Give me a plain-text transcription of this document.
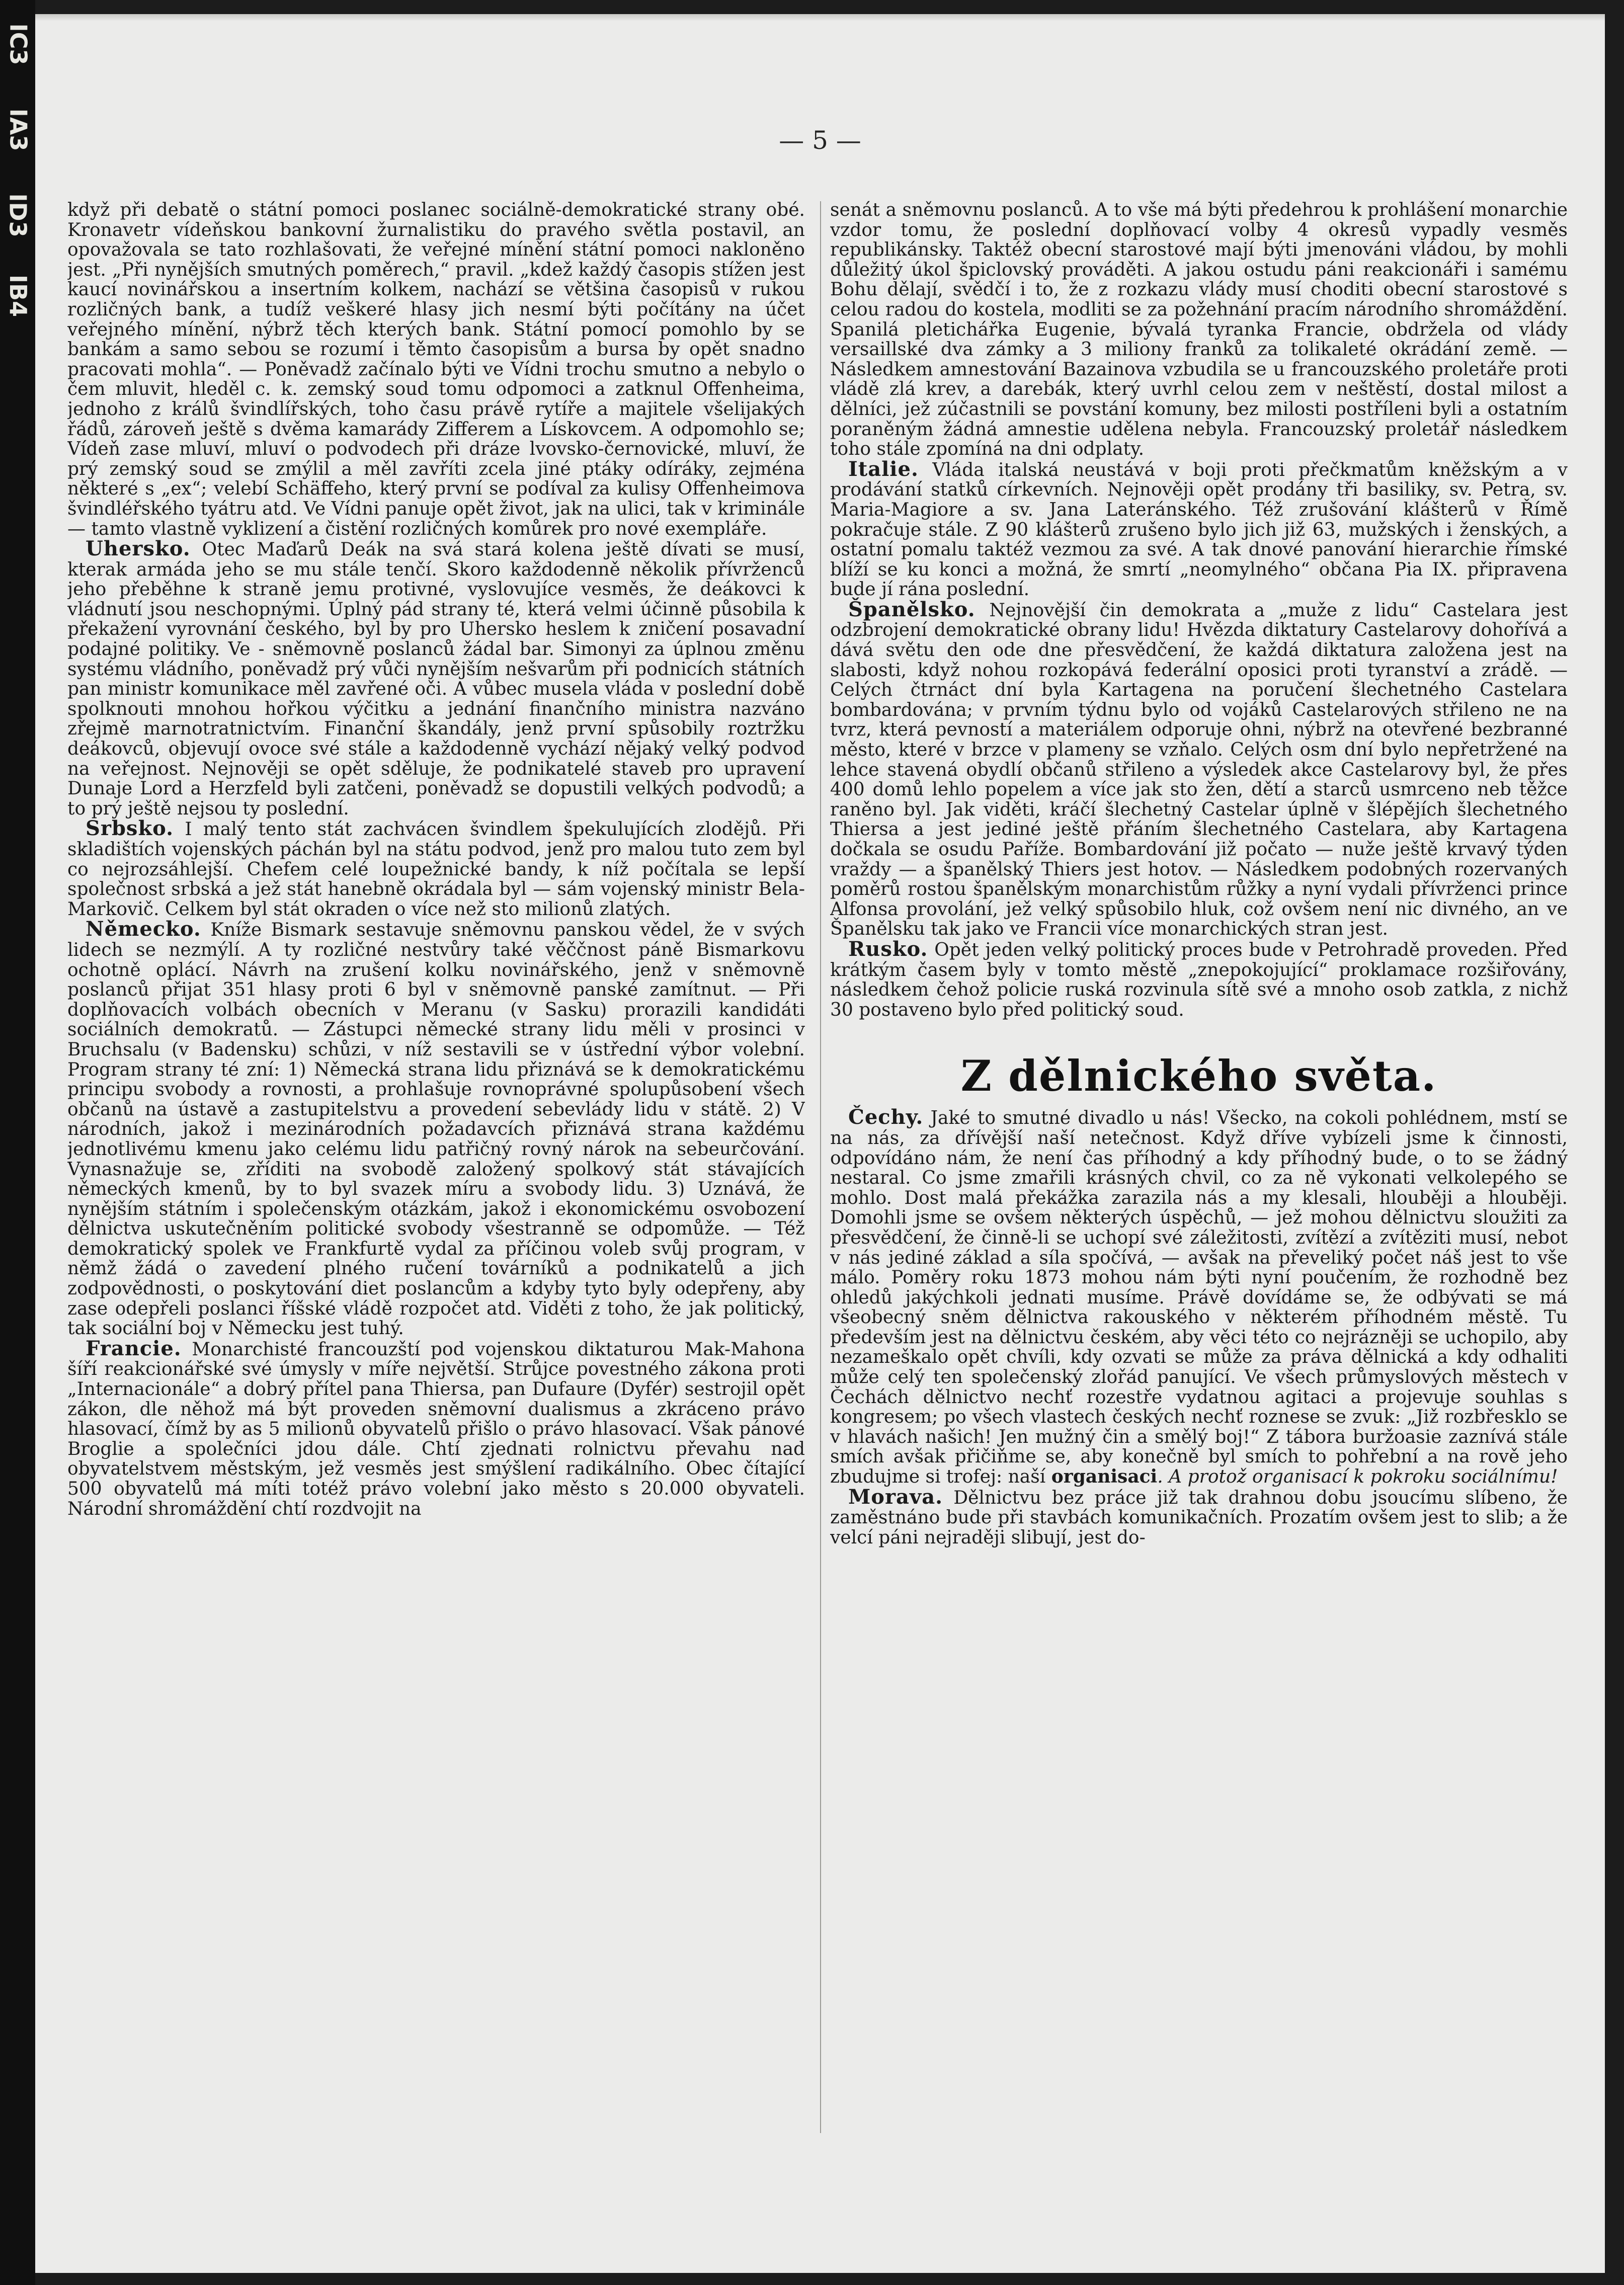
IC3
IA3
ID3
IB4
— 5 —

když při debatě o státní pomoci poslanec sociálně-demokratické strany obé. Kronavetr vídeňskou bankovní žurnalistiku do pravého světla postavil, an opovažovala se tato rozhlašovati, že veřejné mínění státní pomoci nakloněno jest. „Při nynějších smutných poměrech,“ pravil. „kdež každý časopis stížen jest kaucí novinářskou a insertním kolkem, nachází se většina časopisů v rukou rozličných bank, a tudíž veškeré hlasy jich nesmí býti počítány na účet veřejného mínění, nýbrž těch kterých bank. Státní pomocí pomohlo by se bankám a samo sebou se rozumí i těmto časopisům a bursa by opět snadno pracovati mohla“. — Poněvadž začínalo býti ve Vídni trochu smutno a nebylo o čem mluvit, hleděl c. k. zemský soud tomu odpomoci a zatknul Offenheima, jednoho z králů švindlířských, toho času právě rytíře a majitele všelijakých řádů, zároveň ještě s dvěma kamarády Zifferem a Lískovcem. A odpomohlo se; Vídeň zase mluví, mluví o podvodech při dráze lvovsko-černovické, mluví, že prý zemský soud se zmýlil a měl zavříti zcela jiné ptáky odíráky, zejména některé s „ex“; velebí Schäffeho, který první se podíval za kulisy Offenheimova švindléřského tyátru atd. Ve Vídni panuje opět život, jak na ulici, tak v kriminále — tamto vlastně vyklizení a čistění rozličných komůrek pro nové exempláře.

Uhersko. Otec Maďarů Deák na svá stará kolena ještě dívati se musí, kterak armáda jeho se mu stále tenčí. Skoro každodenně několik přívrženců jeho přeběhne k straně jemu protivné, vyslovujíce vesměs, že deákovci k vládnutí jsou neschopnými. Úplný pád strany té, která velmi účinně působila k překažení vyrovnání českého, byl by pro Uhersko heslem k zničení posavadní podajné politiky. Ve - sněmovně poslanců žádal bar. Simonyi za úplnou změnu systému vládního, poněvadž prý vůči nynějším nešvarům při podnicích státních pan ministr komunikace měl zavřené oči. A vůbec musela vláda v poslední době spolknouti mnohou hořkou výčitku a jednání finančního ministra nazváno zřejmě marnotratnictvím. Finanční škandály, jenž první spůsobily roztržku deákovců, objevují ovoce své stále a každodenně vychází nějaký velký podvod na veřejnost. Nejnověji se opět sděluje, že podnikatelé staveb pro upravení Dunaje Lord a Herzfeld byli zatčeni, poněvadž se dopustili velkých podvodů; a to prý ještě nejsou ty poslední.

Srbsko. I malý tento stát zachvácen švindlem špekulujících zlodějů. Při skladištích vojenských páchán byl na státu podvod, jenž pro malou tuto zem byl co nejrozsáhlejší. Chefem celé loupežnické bandy, k níž počítala se lepší společnost srbská a jež stát hanebně okrádala byl — sám vojenský ministr Bela-Markovič. Celkem byl stát okraden o více než sto milionů zlatých.

Německo. Kníže Bismark sestavuje sněmovnu panskou vědel, že v svých lidech se nezmýlí. A ty rozličné nestvůry také věččnost páně Bismarkovu ochotně oplácí. Návrh na zrušení kolku novinářského, jenž v sněmovně poslanců přijat 351 hlasy proti 6 byl v sněmovně panské zamítnut. — Při doplňovacích volbách obecních v Meranu (v Sasku) prorazili kandidáti sociálních demokratů. — Zástupci německé strany lidu měli v prosinci v Bruchsalu (v Badensku) schůzi, v níž sestavili se v ústřední výbor volební. Program strany té zní: 1) Německá strana lidu přiznává se k demokratickému principu svobody a rovnosti, a prohlašuje rovnoprávné spolupůsobení všech občanů na ústavě a zastupitelstvu a provedení sebevlády lidu v státě. 2) V národních, jakož i mezinárodních požadavcích přiznává strana každému jednotlivému kmenu jako celému lidu patřičný rovný nárok na sebeurčování. Vynasnažuje se, zříditi na svobodě založený spolkový stát stávajících německých kmenů, by to byl svazek míru a svobody lidu. 3) Uznává, že nynějším státním i společenským otázkám, jakož i ekonomickému osvobození dělnictva uskutečněním politické svobody všestranně se odpomůže. — Též demokratický spolek ve Frankfurtě vydal za příčinou voleb svůj program, v němž žádá o zavedení plného ručení továrníků a podnikatelů a jich zodpovědnosti, o poskytování diet poslancům a kdyby tyto byly odepřeny, aby zase odepřeli poslanci říšské vládě rozpočet atd. Viděti z toho, že jak politický, tak sociální boj v Německu jest tuhý.

Francie. Monarchisté francouzští pod vojenskou diktaturou Mak-Mahona šíří reakcionářské své úmysly v míře největší. Strůjce povestného zákona proti „Internacionále“ a dobrý přítel pana Thiersa, pan Dufaure (Dyfér) sestrojil opět zákon, dle něhož má být proveden sněmovní dualismus a zkráceno právo hlasovací, čímž by as 5 milionů obyvatelů přišlo o právo hlasovací. Však pánové Broglie a společníci jdou dále. Chtí zjednati rolnictvu převahu nad obyvatelstvem městským, jež vesměs jest smýšlení radikálního. Obec čítající 500 obyvatelů má míti totéž právo volební jako město s 20.000 obyvateli. Národní shromáždění chtí rozdvojit na

senát a sněmovnu poslanců. A to vše má býti předehrou k prohlášení monarchie vzdor tomu, že poslední doplňovací volby 4 okresů vypadly vesměs republikánsky. Taktéž obecní starostové mají býti jmenováni vládou, by mohli důležitý úkol špiclovský prováděti. A jakou ostudu páni reakcionáři i samému Bohu dělají, svědčí i to, že z rozkazu vlády musí choditi obecní starostové s celou radou do kostela, modliti se za požehnání pracím národního shromáždění. Spanilá pletichářka Eugenie, bývalá tyranka Francie, obdržela od vlády versaillské dva zámky a 3 miliony franků za tolikaleté okrádání země. — Následkem amnestování Bazainova vzbudila se u francouzského proletáře proti vládě zlá krev, a darebák, který uvrhl celou zem v neštěstí, dostal milost a dělníci, jež zúčastnili se povstání komuny, bez milosti postříleni byli a ostatním poraněným žádná amnestie udělena nebyla. Francouzský proletář následkem toho stále zpomíná na dni odplaty.

Italie. Vláda italská neustává v boji proti přečkmatům kněžským a v prodávání statků církevních. Nejnověji opět prodány tři basiliky, sv. Petra, sv. Maria-Magiore a sv. Jana Lateránského. Též zrušování klášterů v Římě pokračuje stále. Z 90 klášterů zrušeno bylo jich již 63, mužských i ženských, a ostatní pomalu taktéž vezmou za své. A tak dnové panování hierarchie římské blíží se ku konci a možná, že smrtí „neomylného“ občana Pia IX. připravena bude jí rána poslední.

Španělsko. Nejnovější čin demokrata a „muže z lidu“ Castelara jest odzbrojení demokratické obrany lidu! Hvězda diktatury Castelarovy dohořívá a dává světu den ode dne přesvědčení, že každá diktatura založena jest na slabosti, když nohou rozkopává federální oposici proti tyranství a zrádě. — Celých čtrnáct dní byla Kartagena na poručení šlechetného Castelara bombardována; v prvním týdnu bylo od vojáků Castelarových střileno ne na tvrz, která pevností a materiálem odporuje ohni, nýbrž na otevřené bezbranné město, které v brzce v plameny se vzňalo. Celých osm dní bylo nepřetržené na lehce stavená obydlí občanů střileno a výsledek akce Castelarovy byl, že přes 400 domů lehlo popelem a více jak sto žen, dětí a starců usmrceno neb těžce raněno byl. Jak viděti, kráčí šlechetný Castelar úplně v šlépějích šlechetného Thiersa a jest jediné ještě přáním šlechetného Castelara, aby Kartagena dočkala se osudu Paříže. Bombardování již počato — nuže ještě krvavý týden vraždy — a španělský Thiers jest hotov. — Následkem podobných rozervaných poměrů rostou španělským monarchistům růžky a nyní vydali přívrženci prince Alfonsa provolání, jež velký spůsobilo hluk, což ovšem není nic divného, an ve Španělsku tak jako ve Francii více monarchických stran jest.

Rusko. Opět jeden velký politický proces bude v Petrohradě proveden. Před krátkým časem byly v tomto městě „znepokojující“ proklamace rozšiřovány, následkem čehož policie ruská rozvinula sítě své a mnoho osob zatkla, z nichž 30 postaveno bylo před politický soud.

Z dělnického světa.

Čechy. Jaké to smutné divadlo u nás! Všecko, na cokoli pohlédnem, mstí se na nás, za dřívější naší netečnost. Když dříve vybízeli jsme k činnosti, odpovídáno nám, že není čas příhodný a kdy příhodný bude, o to se žádný nestaral. Co jsme zmařili krásných chvil, co za ně vykonati velkolepého se mohlo. Dost malá překážka zarazila nás a my klesali, hlouběji a hlouběji. Domohli jsme se ovšem některých úspěchů, — jež mohou dělnictvu sloužiti za přesvědčení, že činně-li se uchopí své záležitosti, zvítězí a zvítěziti musí, nebot v nás jediné základ a síla spočívá, — avšak na převeliký počet náš jest to vše málo. Poměry roku 1873 mohou nám býti nyní poučením, že rozhodně bez ohledů jakýchkoli jednati musíme. Právě dovídáme se, že odbývati se má všeobecný sněm dělnictva rakouského v některém příhodném městě. Tu především jest na dělnictvu českém, aby věci této co nejrázněji se uchopilo, aby nezameškalo opět chvíli, kdy ozvati se může za práva dělnická a kdy odhaliti může celý ten společenský zlořád panující. Ve všech průmyslových městech v Čechách dělnictvo nechť rozestře vydatnou agitaci a projevuje souhlas s kongresem; po všech vlastech českých nechť roznese se zvuk: „Již rozbřesklo se v hlavách našich! Jen mužný čin a smělý boj!“ Z tábora buržoasie zaznívá stále smích avšak přičiňme se, aby konečně byl smích to pohřební a na rově jeho zbudujme si trofej: naší organisaci. A protož organisací k pokroku sociálnímu!

Morava. Dělnictvu bez práce již tak drahnou dobu jsoucímu slíbeno, že zaměstnáno bude při stavbách komunikačních. Prozatím ovšem jest to slib; a že velcí páni nejraději slibují, jest do-
